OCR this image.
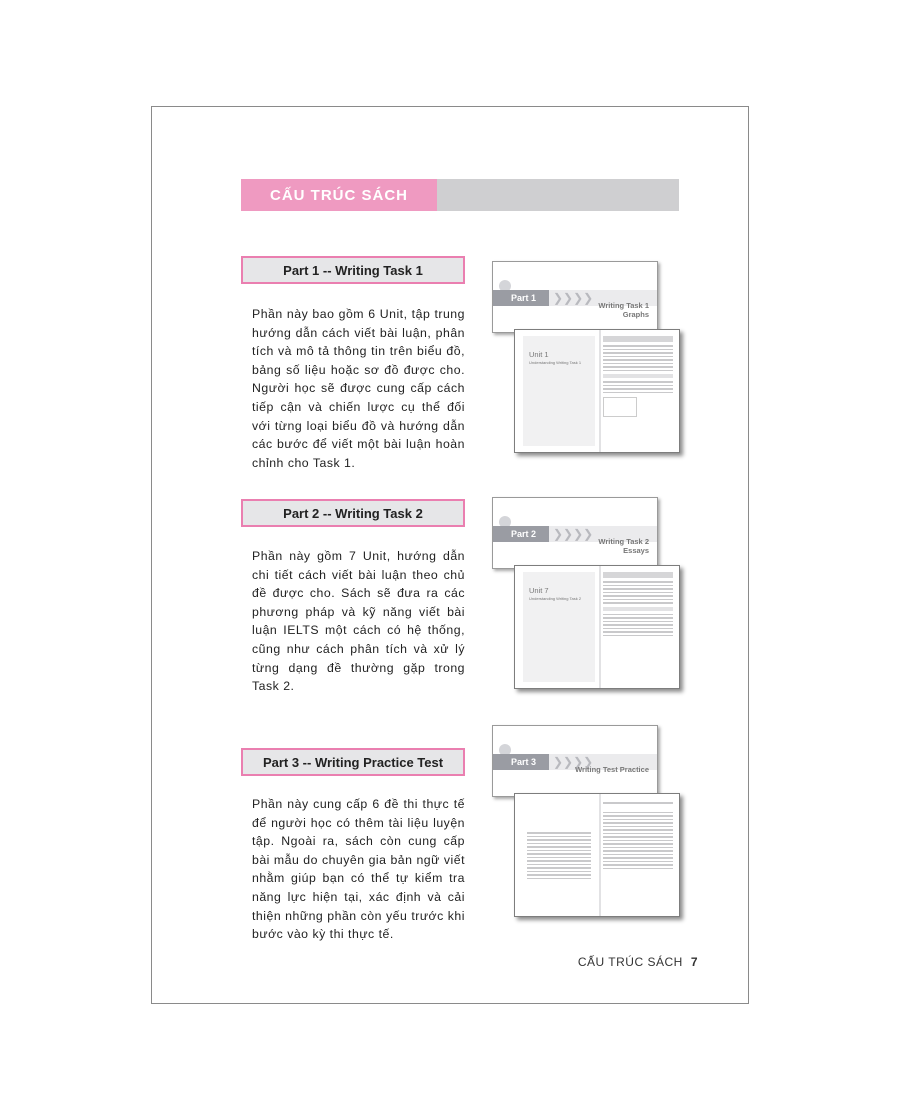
CẤU TRÚC SÁCH
Part 1 -- Writing Task 1
Phần này bao gồm 6 Unit, tập trung hướng dẫn cách viết bài luận, phân tích và mô tả thông tin trên biểu đồ, bảng số liệu hoặc sơ đồ được cho. Người học sẽ được cung cấp cách tiếp cận và chiến lược cụ thể đối với từng loại biểu đồ và hướng dẫn các bước để viết một bài luận hoàn chỉnh cho Task 1.
Part 1	❯❯❯❯
Writing Task 1
Graphs
Unit 1
Understanding Writing Task 1
Part 2 -- Writing Task 2
Phần này gồm 7 Unit, hướng dẫn chi tiết cách viết bài luận theo chủ đề được cho. Sách sẽ đưa ra các phương pháp và kỹ năng viết bài luận IELTS một cách có hệ thống, cũng như cách phân tích và xử lý từng dạng đề thường gặp trong Task 2.
Part 2	❯❯❯❯
Writing Task 2
Essays
Unit 7
Understanding Writing Task 2
Part 3 -- Writing Practice Test
Phần này cung cấp 6 đề thi thực tế để người học có thêm tài liệu luyện tập. Ngoài ra, sách còn cung cấp bài mẫu do chuyên gia bản ngữ viết nhằm giúp bạn có thể tự kiểm tra năng lực hiện tại, xác định và cải thiện những phần còn yếu trước khi bước vào kỳ thi thực tế.
Part 3	❯❯❯❯
Writing Test Practice
CẤU TRÚC SÁCH 7
